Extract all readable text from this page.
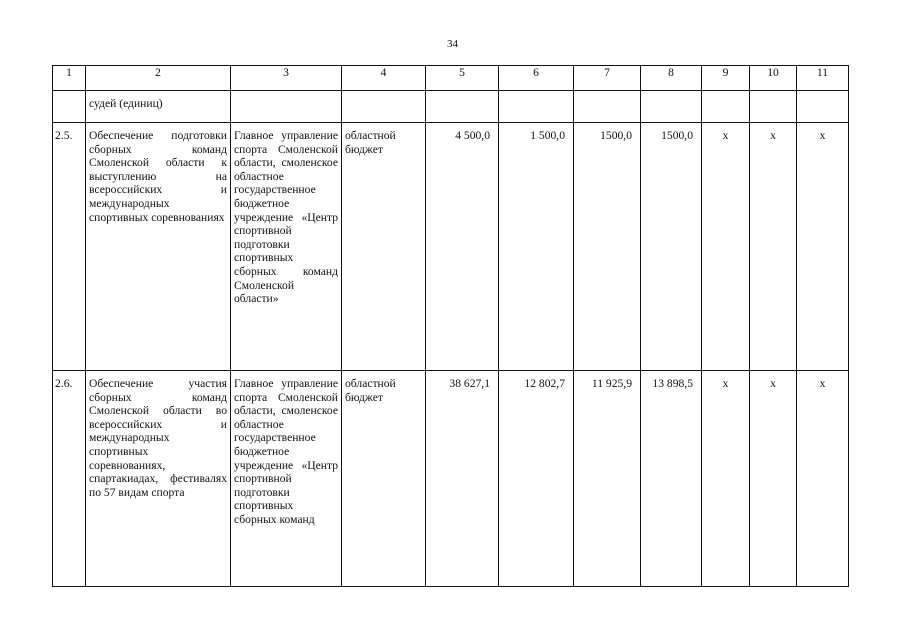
34
1	2	3	4	5	6	7	8	9	10	11

	судей (единиц)									

2.5.	Обеспечение подготовки сборных команд Смоленской области к выступлению на всероссийских и международных спортивных соревнованиях	Главное управление спорта Смоленской области, смоленское областное государственное бюджетное учреждение «Центр спортивной подготовки спортивных сборных команд Смоленской области»	областной бюджет	4 500,0	1 500,0	1500,0	1500,0	x	x	x

2.6.	Обеспечение участия сборных команд Смоленской области во всероссийских и международных спортивных соревнованиях, спартакиадах, фестивалях по 57 видам спорта	Главное управление спорта Смоленской области, смоленское областное государственное бюджетное учреждение «Центр спортивной подготовки спортивных сборных команд	областной бюджет	38 627,1	12 802,7	11 925,9	13 898,5	x	x	x
